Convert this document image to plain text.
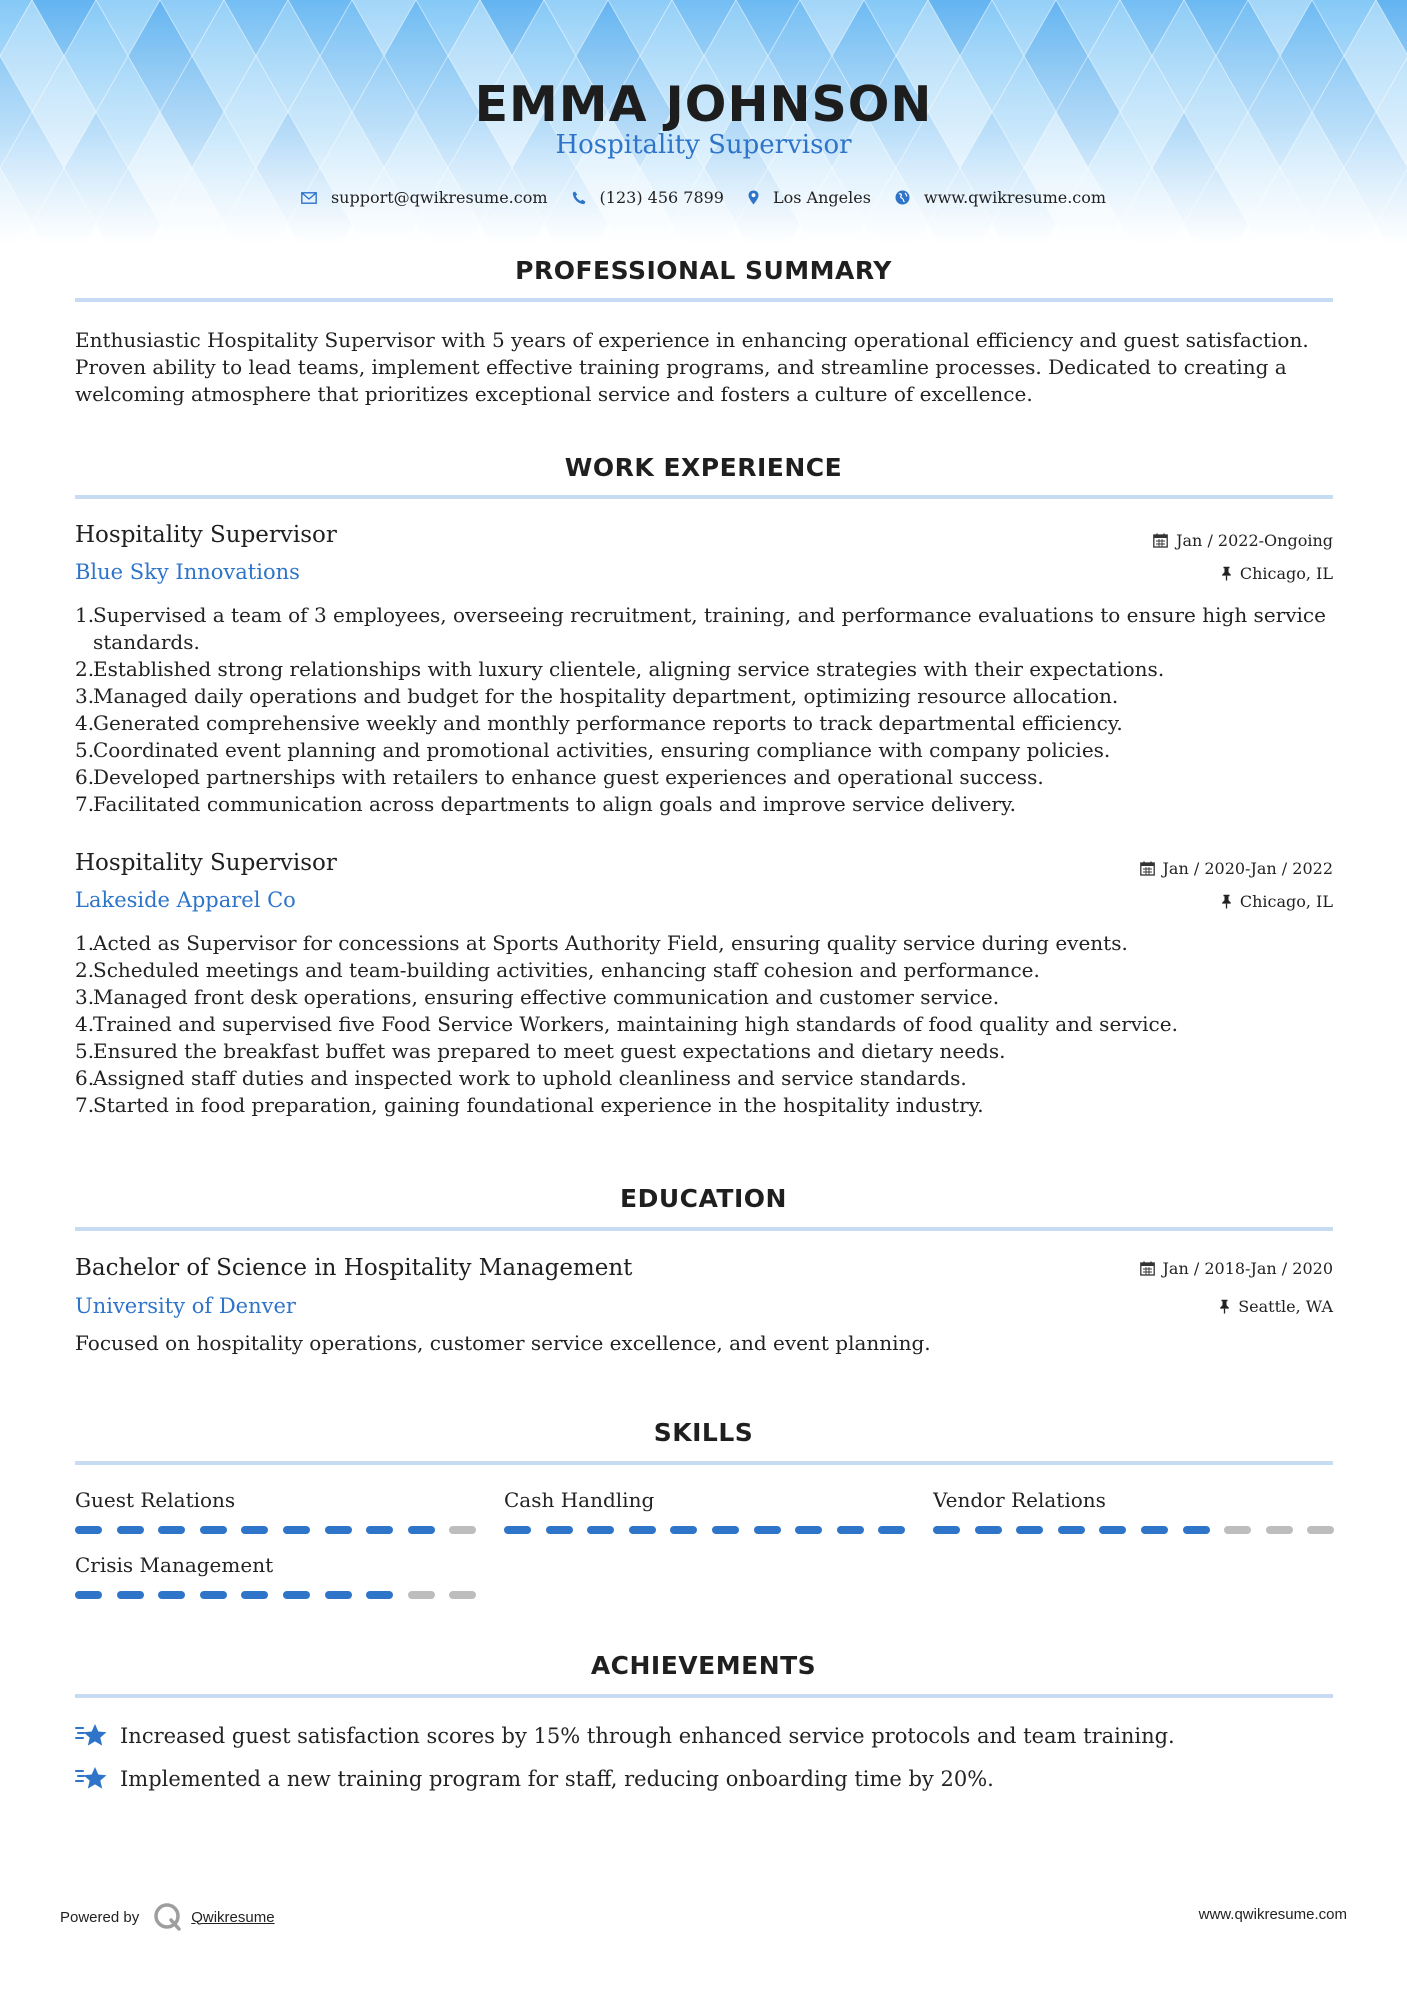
EMMA JOHNSON
Hospitality Supervisor
support@qwikresume.com	(123) 456 7899	Los Angeles	www.qwikresume.com
PROFESSIONAL SUMMARY
Enthusiastic Hospitality Supervisor with 5 years of experience in enhancing operational efficiency and guest satisfaction. Proven ability to lead teams, implement effective training programs, and streamline processes. Dedicated to creating a welcoming atmosphere that prioritizes exceptional service and fosters a culture of excellence.
WORK EXPERIENCE
Hospitality Supervisor	Jan / 2022-Ongoing
Blue Sky Innovations	Chicago, IL
1.
Supervised a team of 3 employees, overseeing recruitment, training, and performance evaluations to ensure high service standards.
2.
Established strong relationships with luxury clientele, aligning service strategies with their expectations.
3.
Managed daily operations and budget for the hospitality department, optimizing resource allocation.
4.
Generated comprehensive weekly and monthly performance reports to track departmental efficiency.
5.
Coordinated event planning and promotional activities, ensuring compliance with company policies.
6.
Developed partnerships with retailers to enhance guest experiences and operational success.
7.
Facilitated communication across departments to align goals and improve service delivery.
Hospitality Supervisor	Jan / 2020-Jan / 2022
Lakeside Apparel Co	Chicago, IL
1.
Acted as Supervisor for concessions at Sports Authority Field, ensuring quality service during events.
2.
Scheduled meetings and team-building activities, enhancing staff cohesion and performance.
3.
Managed front desk operations, ensuring effective communication and customer service.
4.
Trained and supervised five Food Service Workers, maintaining high standards of food quality and service.
5.
Ensured the breakfast buffet was prepared to meet guest expectations and dietary needs.
6.
Assigned staff duties and inspected work to uphold cleanliness and service standards.
7.
Started in food preparation, gaining foundational experience in the hospitality industry.
EDUCATION
Bachelor of Science in Hospitality Management	Jan / 2018-Jan / 2020
University of Denver	Seattle, WA
Focused on hospitality operations, customer service excellence, and event planning.
SKILLS
Guest Relations	Cash Handling	Vendor Relations
Crisis Management
ACHIEVEMENTS
Increased guest satisfaction scores by 15% through enhanced service protocols and team training.
Implemented a new training program for staff, reducing onboarding time by 20%.
Powered by	Qwikresume	www.qwikresume.com
